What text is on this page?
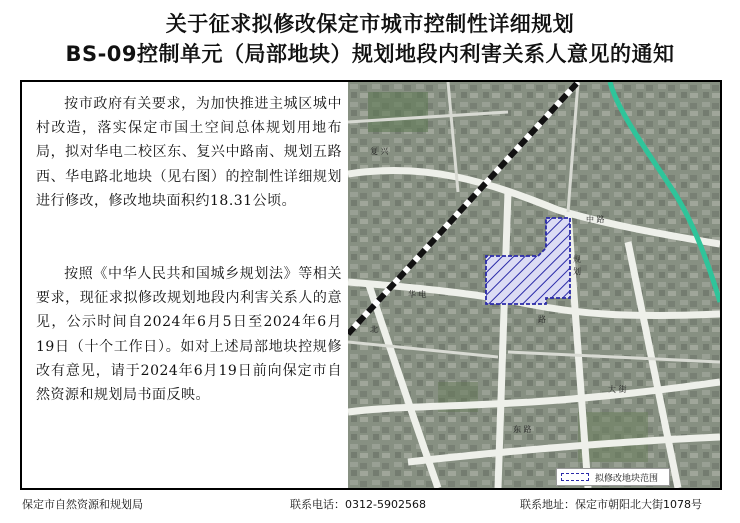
关于征求拟修改保定市城市控制性详细规划
BS-09控制单元（局部地块）规划地段内利害关系人意见的通知
按市政府有关要求，为加快推进主城区城中村改造，落实保定市国土空间总体规划用地布局，拟对华电二校区东、复兴中路南、规划五路西、华电路北地块（见右图）的控制性详细规划进行修改，修改地块面积约18.31公顷。
按照《中华人民共和国城乡规划法》等相关要求，现征求拟修改规划地段内利害关系人的意见，公示时间自2024年6月5日至2024年6月19日（十个工作日）。如对上述局部地块控规修改有意见，请于2024年6月19日前向保定市自然资源和规划局书面反映。
复 兴
中 路
华 电
路
规
划
北
大 街
东 路
拟修改地块范围
保定市自然资源和规划局	联系电话：0312-5902568	联系地址：保定市朝阳北大街1078号
